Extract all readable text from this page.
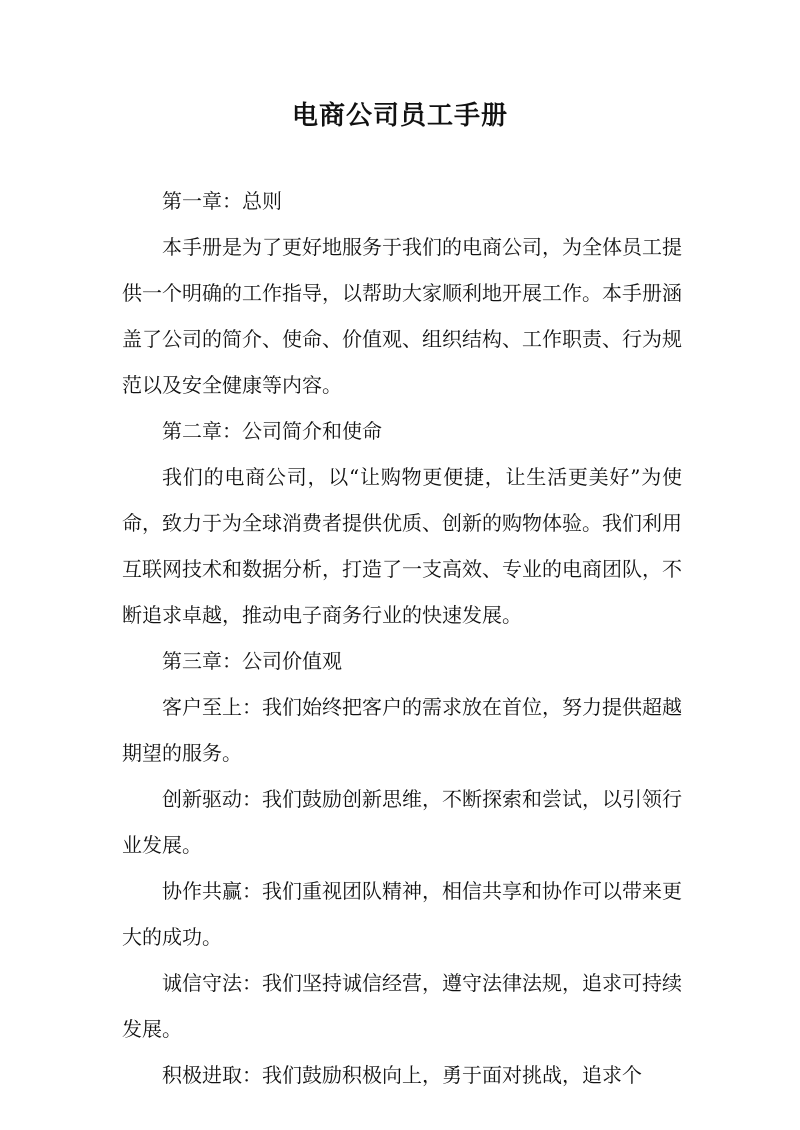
电商公司员工手册

第一章：总则

本手册是为了更好地服务于我们的电商公司，为全体员工提供一个明确的工作指导，以帮助大家顺利地开展工作。本手册涵盖了公司的简介、使命、价值观、组织结构、工作职责、行为规范以及安全健康等内容。

第二章：公司简介和使命

我们的电商公司，以“让购物更便捷，让生活更美好”为使命，致力于为全球消费者提供优质、创新的购物体验。我们利用互联网技术和数据分析，打造了一支高效、专业的电商团队，不断追求卓越，推动电子商务行业的快速发展。

第三章：公司价值观

客户至上：我们始终把客户的需求放在首位，努力提供超越期望的服务。

创新驱动：我们鼓励创新思维，不断探索和尝试，以引领行业发展。

协作共赢：我们重视团队精神，相信共享和协作可以带来更大的成功。

诚信守法：我们坚持诚信经营，遵守法律法规，追求可持续发展。

积极进取：我们鼓励积极向上，勇于面对挑战，追求个
